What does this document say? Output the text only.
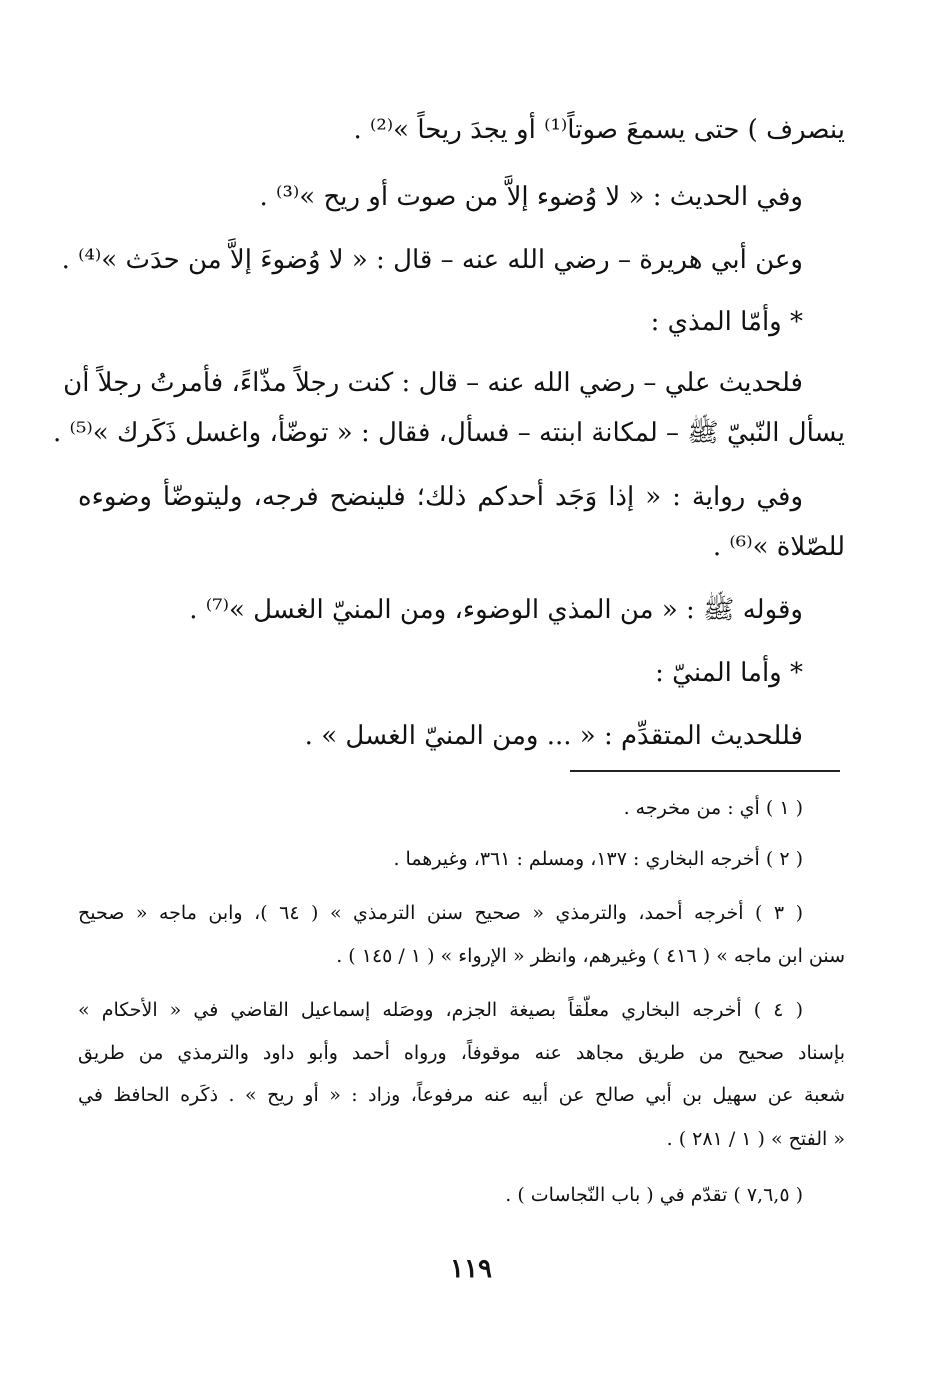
ينصرف ) حتى يسمعَ صوتاً⁽¹⁾ أو يجدَ ريحاً »⁽²⁾ .
وفي الحديث : « لا وُضوء إلاَّ من صوت أو ريح »⁽³⁾ .
وعن أبي هريرة – رضي الله عنه – قال : « لا وُضوءَ إلاَّ من حدَث »⁽⁴⁾ .
* وأمّا المذي :
فلحديث علي – رضي الله عنه – قال : كنت رجلاً مذّاءً، فأمرتُ رجلاً أن
يسأل النّبيّ ﷺ – لمكانة ابنته – فسأل، فقال : « توضّأ، واغسل ذَكَرك »⁽⁵⁾ .
وفي رواية : « إذا وَجَد أحدكم ذلك؛ فلينضح فرجه، وليتوضّأ وضوءه
للصّلاة »⁽⁶⁾ .
وقوله ﷺ : « من المذي الوضوء، ومن المنيّ الغسل »⁽⁷⁾ .
* وأما المنيّ :
فللحديث المتقدِّم : « ... ومن المنيّ الغسل » .
( ١ ) أي : من مخرجه .
( ٢ ) أخرجه البخاري : ١٣٧، ومسلم : ٣٦١، وغيرهما .
( ٣ ) أخرجه أحمد، والترمذي « صحيح سنن الترمذي » ( ٦٤ )، وابن ماجه « صحيح
سنن ابن ماجه » ( ٤١٦ ) وغيرهم، وانظر « الإرواء » ( ١ / ١٤٥ ) .
( ٤ ) أخرجه البخاري معلّقاً بصيغة الجزم، ووصَله إسماعيل القاضي في « الأحكام »
بإسناد صحيح من طريق مجاهد عنه موقوفاً، ورواه أحمد وأبو داود والترمذي من طريق
شعبة عن سهيل بن أبي صالح عن أبيه عنه مرفوعاً، وزاد : « أو ريح » . ذكَره الحافظ في
« الفتح » ( ١ / ٢٨١ ) .
( ٧,٦,٥ ) تقدّم في ( باب النّجاسات ) .
١١٩
